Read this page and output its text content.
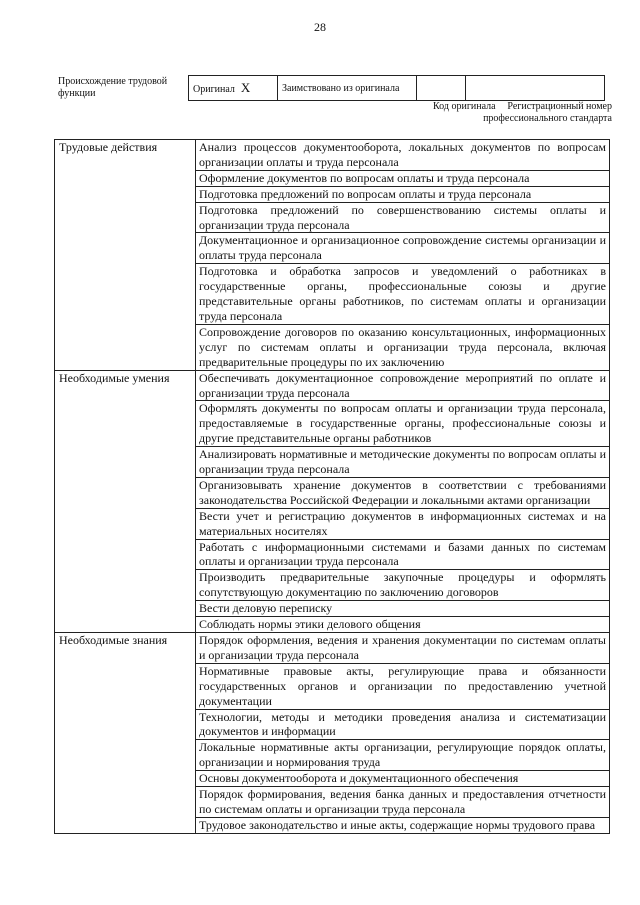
28
Происхождение трудовой функции	Оригинал X	Заимствовано из оригинала		
Код оригинала	Регистрационный номер профессионального стандарта
Трудовые действия	Анализ процессов документооборота, локальных документов по вопросам организации оплаты и труда персонала
	Оформление документов по вопросам оплаты и труда персонала
	Подготовка предложений по вопросам оплаты и труда персонала
	Подготовка предложений по совершенствованию системы оплаты и организации труда персонала
	Документационное и организационное сопровождение системы организации и оплаты труда персонала
	Подготовка и обработка запросов и уведомлений о работниках в государственные органы, профессиональные союзы и другие представительные органы работников, по системам оплаты и организации труда персонала
	Сопровождение договоров по оказанию консультационных, информационных услуг по системам оплаты и организации труда персонала, включая предварительные процедуры по их заключению
Необходимые умения	Обеспечивать документационное сопровождение мероприятий по оплате и организации труда персонала
	Оформлять документы по вопросам оплаты и организации труда персонала, предоставляемые в государственные органы, профессиональные союзы и другие представительные органы работников
	Анализировать нормативные и методические документы по вопросам оплаты и организации труда персонала
	Организовывать хранение документов в соответствии с требованиями законодательства Российской Федерации и локальными актами организации
	Вести учет и регистрацию документов в информационных системах и на материальных носителях
	Работать с информационными системами и базами данных по системам оплаты и организации труда персонала
	Производить предварительные закупочные процедуры и оформлять сопутствующую документацию по заключению договоров
	Вести деловую переписку
	Соблюдать нормы этики делового общения
Необходимые знания	Порядок оформления, ведения и хранения документации по системам оплаты и организации труда персонала
	Нормативные правовые акты, регулирующие права и обязанности государственных органов и организации по предоставлению учетной документации
	Технологии, методы и методики проведения анализа и систематизации документов и информации
	Локальные нормативные акты организации, регулирующие порядок оплаты, организации и нормирования труда
	Основы документооборота и документационного обеспечения
	Порядок формирования, ведения банка данных и предоставления отчетности по системам оплаты и организации труда персонала
	Трудовое законодательство и иные акты, содержащие нормы трудового права
